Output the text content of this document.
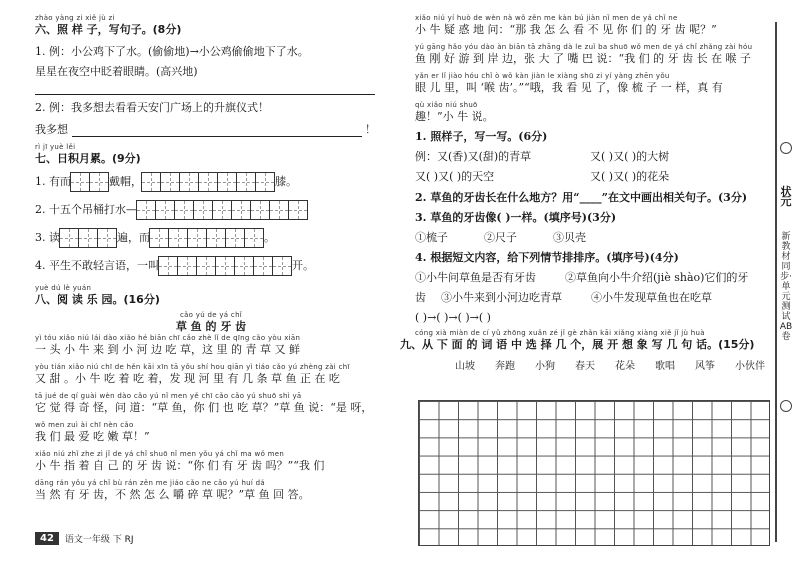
zhào yàng zi xiě jù zi
六、照 样 子，写句子。(8分)
1. 例：小公鸡下了水。(偷偷地)→小公鸡偷偷地下了水。
星星在夜空中眨着眼睛。(高兴地)
2. 例：我多想去看看天安门广场上的升旗仪式！
我多想	！
rì jī yuè lěi
七、日积月累。(9分)
1. 有而	戴帽，	膝。
2. 十五个吊桶打水—
3. 读	遍，而	。
4. 平生不敢轻言语，一叫	开。
yuè dú lè yuán
八、阅 读 乐 园。(16分)
cǎo yú de yá chǐ
草 鱼 的 牙 齿
yì tóu xiǎo niú lái dào xiǎo hé biān chī cǎo zhè lǐ de qīng cǎo yòu xiān
一 头 小 牛 来 到 小 河 边 吃 草，这 里 的 青 草 又 鲜
yòu tián xiǎo niú chī de hěn kāi xīn tā yǒu shí hou qiān yì tiáo cǎo yú zhèng zài chī
又 甜 。小 牛 吃 着 吃 着，发 现 河 里 有 几 条 草 鱼 正 在 吃
tā jué de qí guài wèn dào cǎo yú nǐ men yě chī cǎo cǎo yú shuō shì yā
它 觉 得 奇 怪，问 道：“草 鱼，你 们 也 吃 草？”草 鱼 说：“是 呀，
wǒ men zuì ài chī nèn cǎo
我 们 最 爱 吃 嫩 草！”
xiǎo niú zhǐ zhe zì jǐ de yá chǐ shuō nǐ men yǒu yá chǐ ma wǒ men
小 牛 指 着 自 己 的 牙 齿 说：“你 们 有 牙 齿 吗？”“我 们
dāng rán yǒu yá chǐ bù rán zěn me jiáo cǎo ne cǎo yú huí dá
当 然 有 牙 齿，不 然 怎 么 嚼 碎 草 呢？”草 鱼 回 答。
xiǎo niú yí huò de wèn nà wǒ zěn me kàn bú jiàn nǐ men de yá chǐ ne
小 牛 疑 惑 地 问：“那 我 怎 么 看 不 见 你 们 的 牙 齿 呢？”
yú gāng hǎo yóu dào àn biān tā zhāng dà le zuǐ ba shuō wǒ men de yá chǐ zhǎng zài hóu
鱼 刚 好 游 到 岸 边，张 大 了 嘴 巴 说：“我 们 的 牙 齿 长 在 喉 子
yǎn er lǐ jiào hóu chǐ ò wǒ kàn jiàn le xiàng shū zi yí yàng zhēn yǒu
眼 儿 里，叫 ‘喉 齿’。”“哦，我 看 见 了，像 梳 子 一 样，真 有
qù xiǎo niú shuō
趣！”小 牛 说。
1. 照样子，写一写。(6分)
例：又(香)又(甜)的青草	又( )又( )的大树
又( )又( )的天空	又( )又( )的花朵
2. 草鱼的牙齿长在什么地方？用“____”在文中画出相关句子。(3分)
3. 草鱼的牙齿像( )一样。(填序号)(3分)
①梳子	②尺子	③贝壳
4. 根据短文内容，给下列情节排排序。(填序号)(4分)
①小牛问草鱼是否有牙齿	②草鱼向小牛介绍(jiè shào)它们的牙
齿	③小牛来到小河边吃青草	④小牛发现草鱼也在吃草
( )→( )→( )→( )
cóng xià miàn de cí yǔ zhōng xuǎn zé jǐ gè zhǎn kāi xiǎng xiàng xiě jǐ jù huà
九、从 下 面 的 词 语 中 选 择 几 个，展 开 想 象 写 几 句 话。(15分)
山坡 奔跑 小狗 春天 花朵 歌唱 风筝 小伙伴
状元
新教材同步·单元测试AB卷
42	语文一年级 下 RJ
